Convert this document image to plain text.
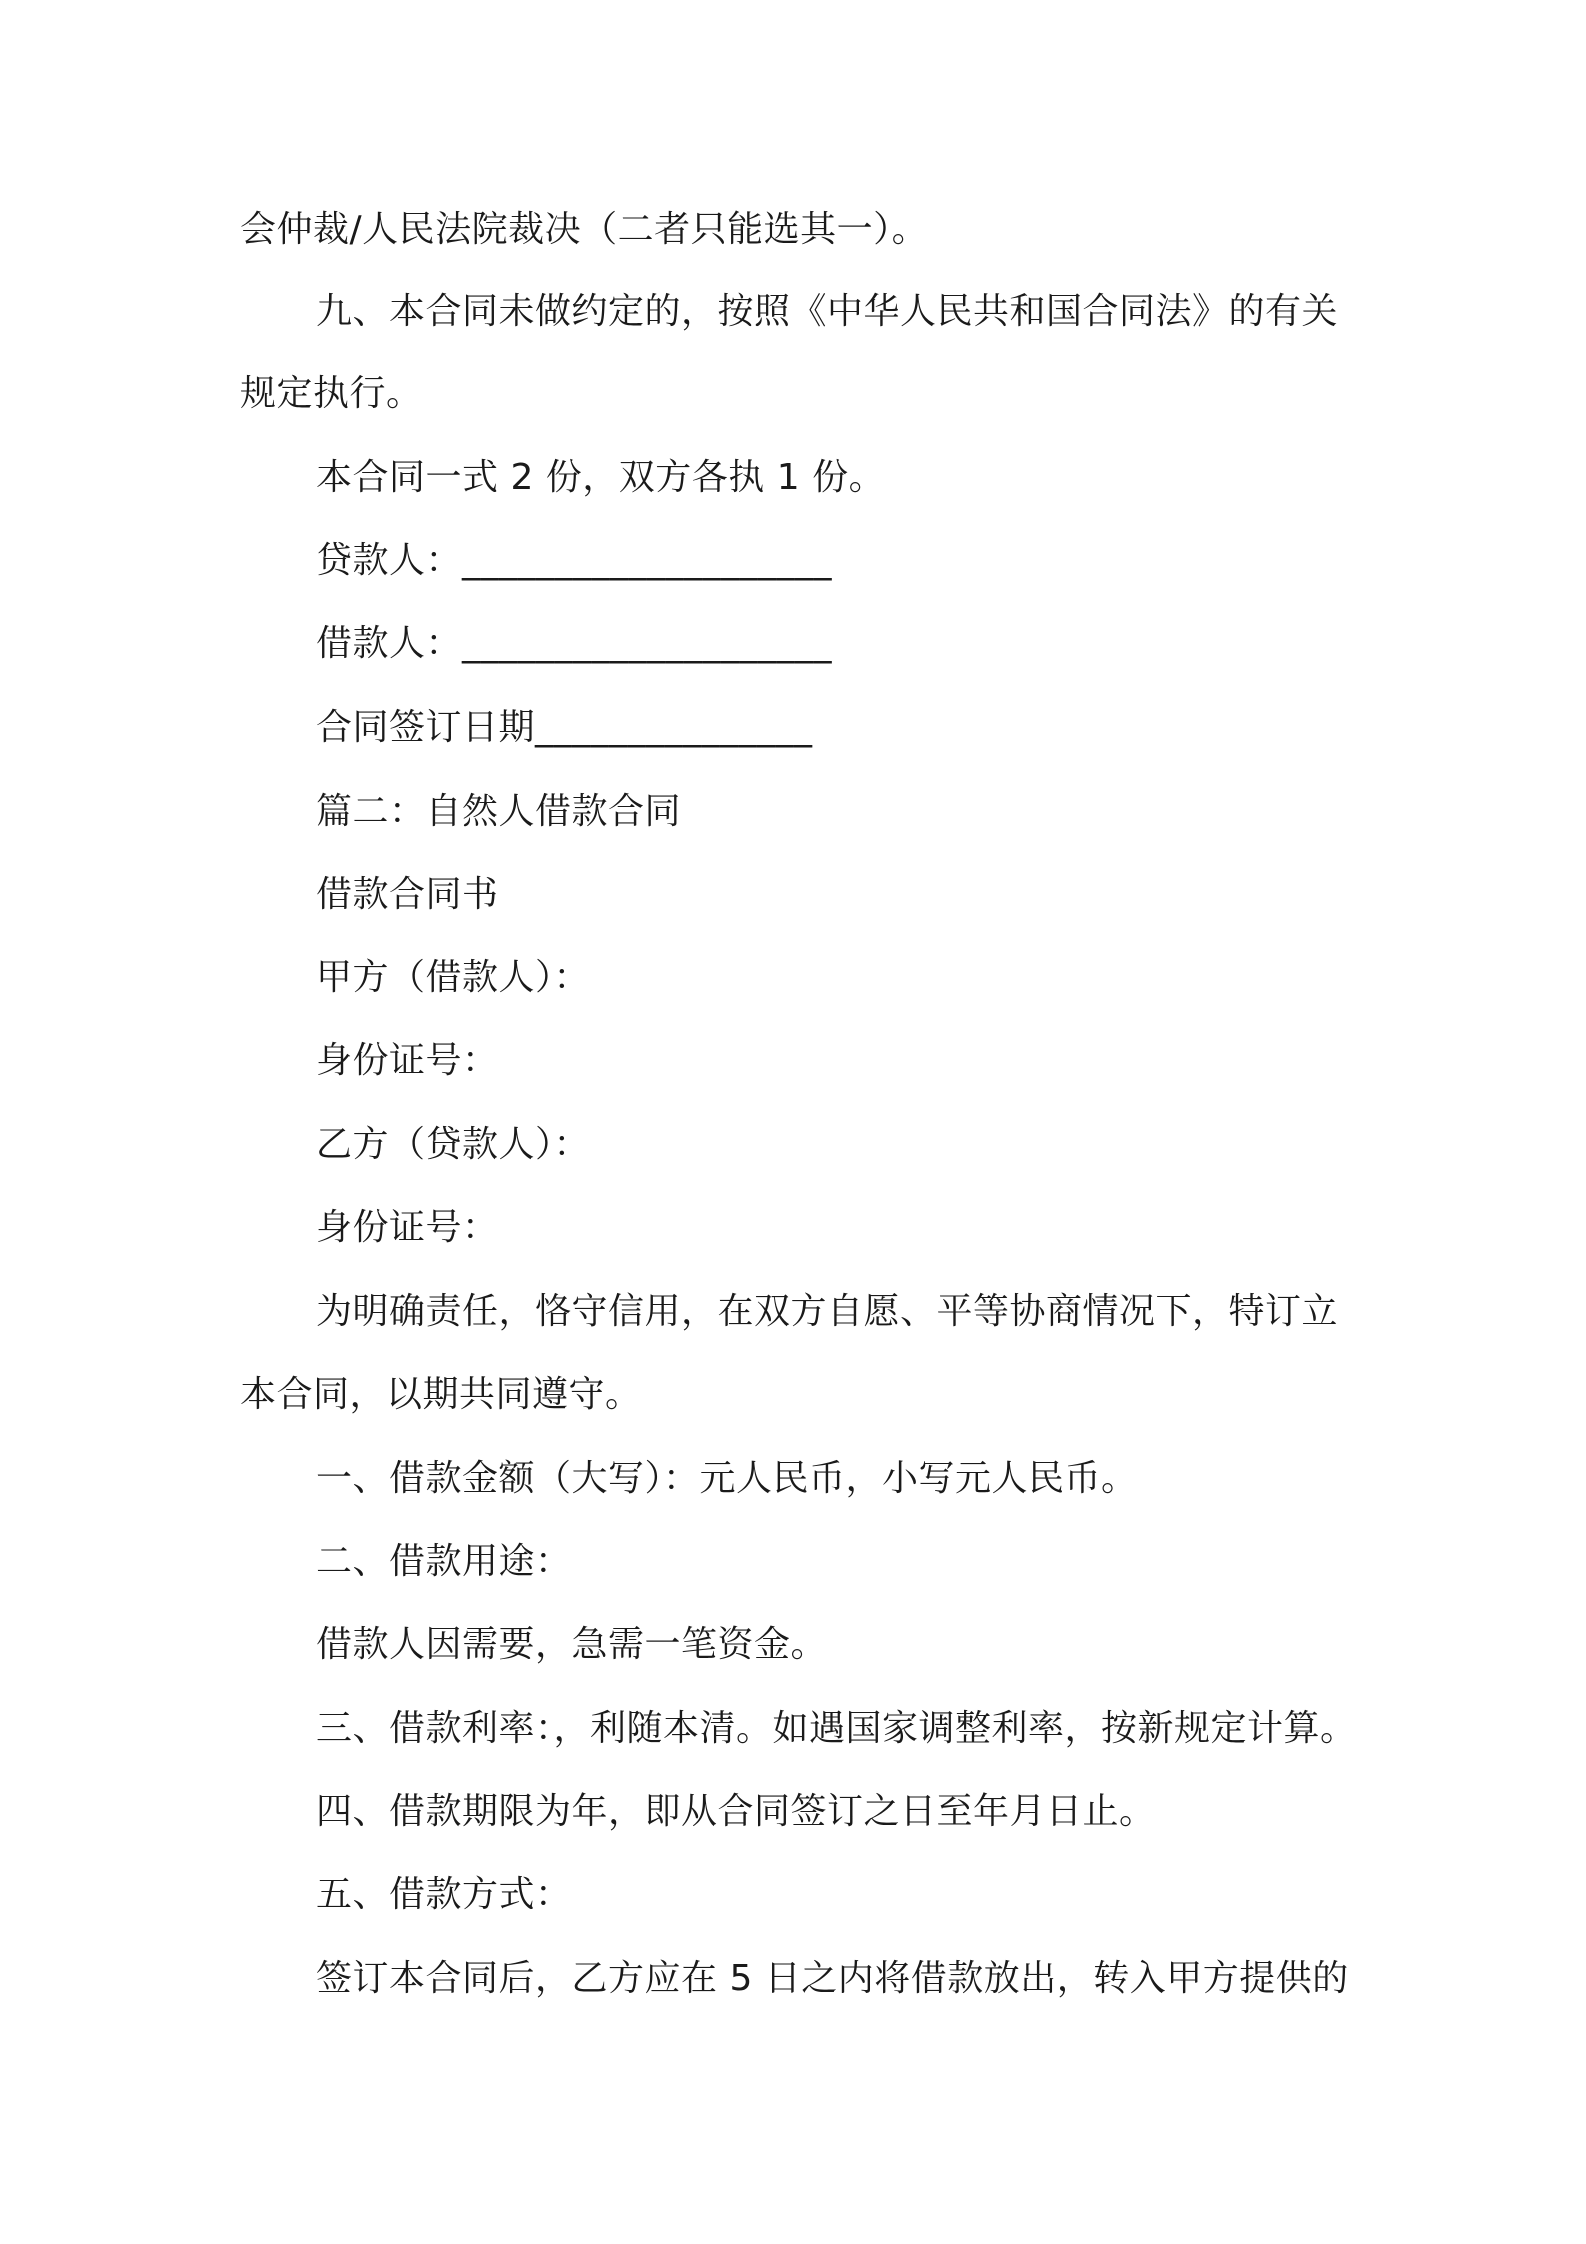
会仲裁/人民法院裁决（二者只能选其一）。
九、本合同未做约定的，按照《中华人民共和国合同法》的有关
规定执行。
本合同一式 2 份，双方各执 1 份。
贷款人：____________________
借款人：____________________
合同签订日期_______________
篇二：自然人借款合同
借款合同书
甲方（借款人）：
身份证号：
乙方（贷款人）：
身份证号：
为明确责任，恪守信用，在双方自愿、平等协商情况下，特订立
本合同，以期共同遵守。
一、借款金额（大写）：元人民币，小写元人民币。
二、借款用途：
借款人因需要，急需一笔资金。
三、借款利率：，利随本清。如遇国家调整利率，按新规定计算。
四、借款期限为年，即从合同签订之日至年月日止。
五、借款方式：
签订本合同后，乙方应在 5 日之内将借款放出，转入甲方提供的
